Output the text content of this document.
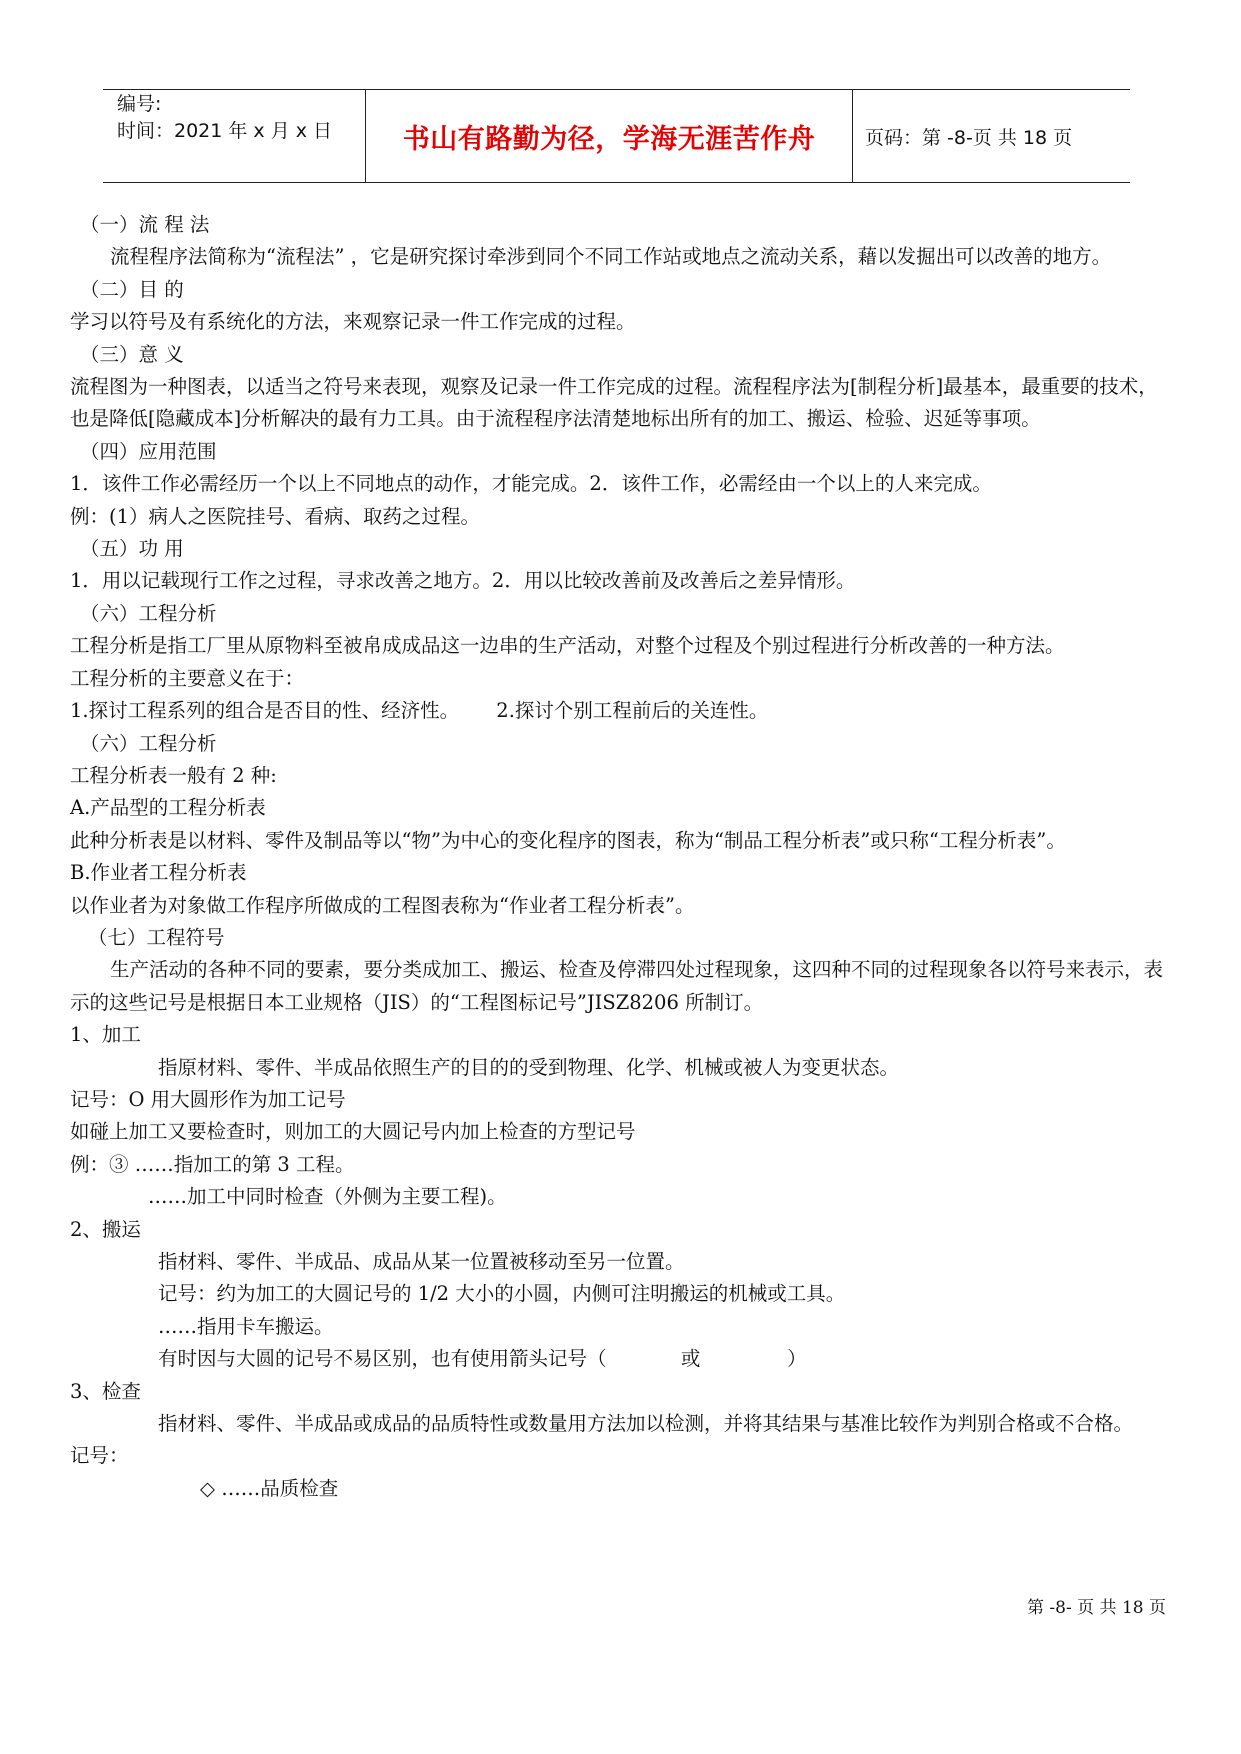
编号:
时间：2021 年 x 月 x 日	书山有路勤为径，学海无涯苦作舟	页码：第 -8-页 共 18 页

（一）流 程 法

流程程序法简称为“流程法” ，它是研究探讨牵涉到同个不同工作站或地点之流动关系，藉以发掘出可以改善的地方。

（二）目 的

学习以符号及有系统化的方法，来观察记录一件工作完成的过程。

（三）意 义

流程图为一种图表，以适当之符号来表现，观察及记录一件工作完成的过程。流程程序法为[制程分析]最基本，最重要的技术，也是降低[隐藏成本]分析解决的最有力工具。由于流程程序法清楚地标出所有的加工、搬运、检验、迟延等事项。

（四）应用范围

1．该件工作必需经历一个以上不同地点的动作，才能完成。2．该件工作，必需经由一个以上的人来完成。

例：(1）病人之医院挂号、看病、取药之过程。

（五）功 用

1．用以记载现行工作之过程，寻求改善之地方。2．用以比较改善前及改善后之差异情形。

（六）工程分析

工程分析是指工厂里从原物料至被帛成成品这一边串的生产活动，对整个过程及个别过程进行分析改善的一种方法。

工程分析的主要意义在于：

1.探讨工程系列的组合是否目的性、经济性。      2.探讨个别工程前后的关连性。

（六）工程分析

工程分析表一般有 2 种:

A.产品型的工程分析表

此种分析表是以材料、零件及制品等以“物”为中心的变化程序的图表，称为“制品工程分析表”或只称“工程分析表”。

B.作业者工程分析表

以作业者为对象做工作程序所做成的工程图表称为“作业者工程分析表”。

（七）工程符号

生产活动的各种不同的要素，要分类成加工、搬运、检查及停滞四处过程现象，这四种不同的过程现象各以符号来表示，表示的这些记号是根据日本工业规格（JIS）的“工程图标记号”JISZ8206 所制订。

1、加工

指原材料、零件、半成品依照生产的目的的受到物理、化学、机械或被人为变更状态。

记号：O 用大圆形作为加工记号

如碰上加工又要检查时，则加工的大圆记号内加上检查的方型记号

例：③ ……指加工的第 3 工程。

……加工中同时检查（外侧为主要工程)。

2、搬运

指材料、零件、半成品、成品从某一位置被移动至另一位置。

记号：约为加工的大圆记号的 1/2 大小的小圆，内侧可注明搬运的机械或工具。

……指用卡车搬运。

有时因与大圆的记号不易区别，也有使用箭头记号（            或              ）

3、检查

指材料、零件、半成品或成品的品质特性或数量用方法加以检测，并将其结果与基准比较作为判别合格或不合格。

记号：

◇ ……品质检查

第 -8- 页 共 18 页
